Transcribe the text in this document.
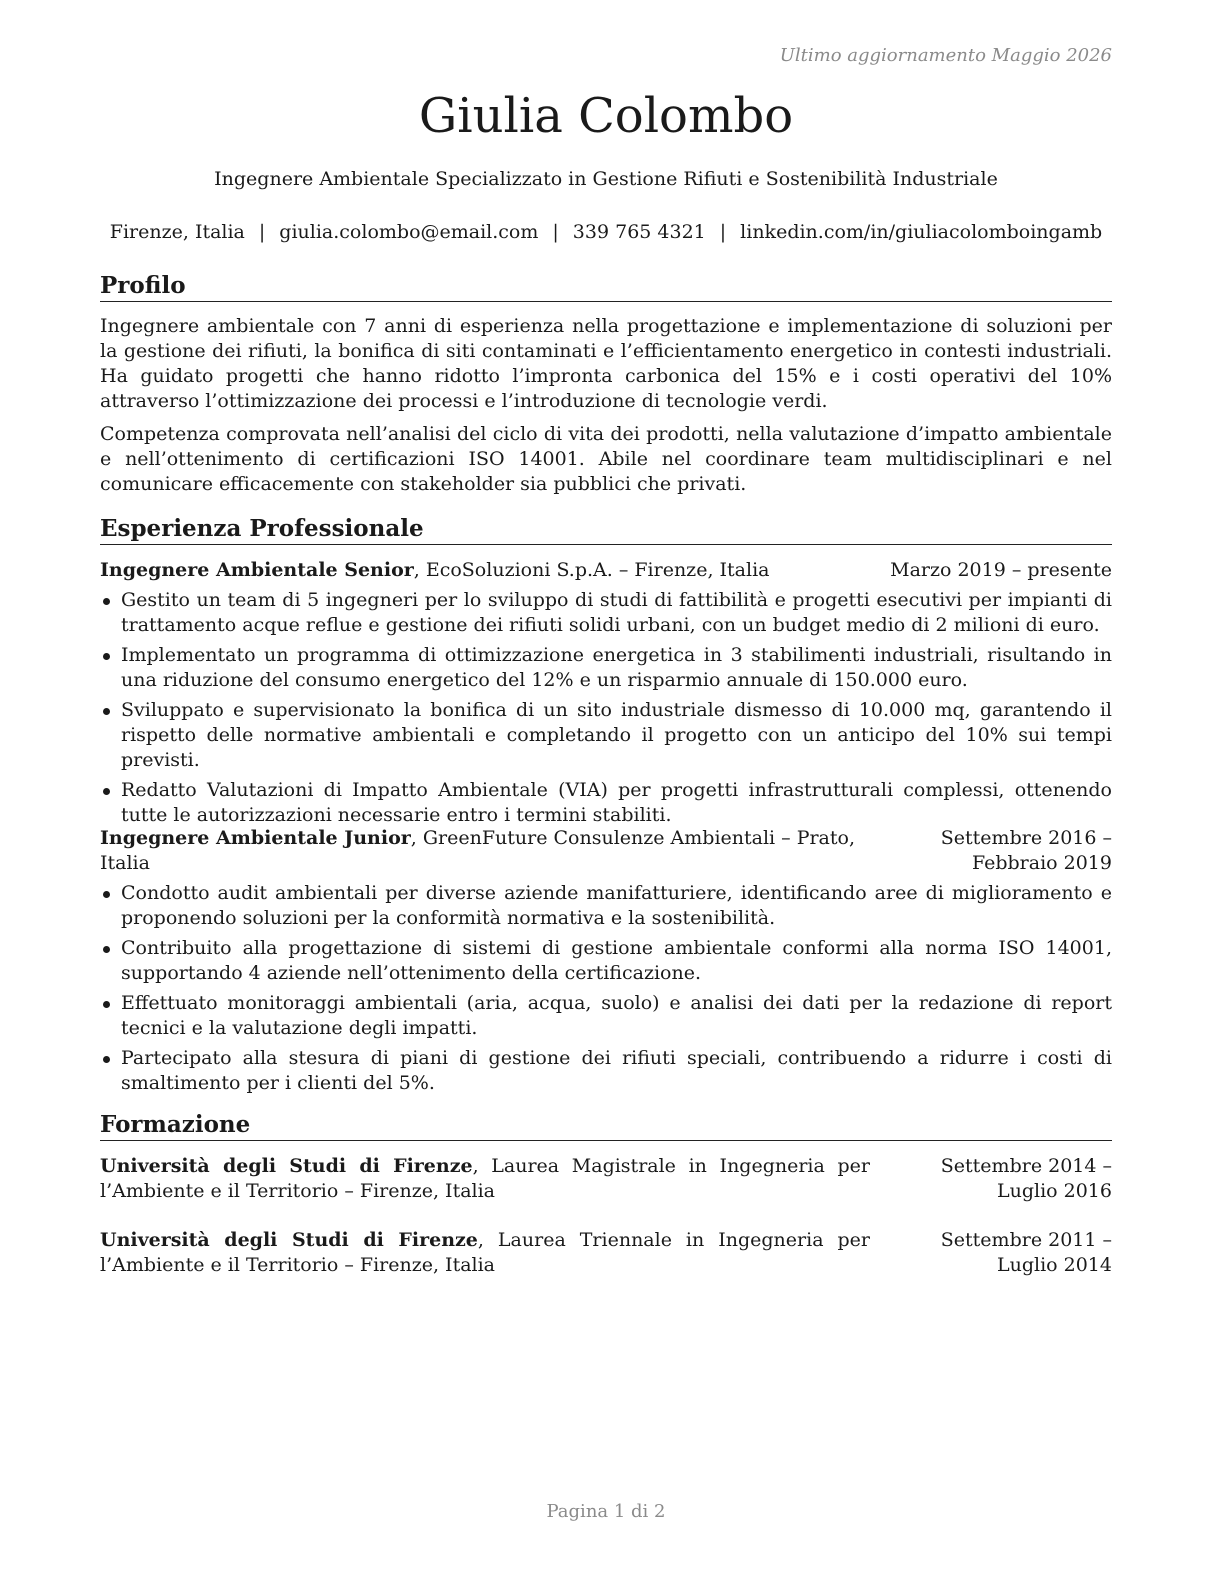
Ultimo aggiornamento Maggio 2026
Giulia Colombo
Ingegnere Ambientale Specializzato in Gestione Rifiuti e Sostenibilità Industriale
Firenze, Italia | giulia.colombo@email.com | 339 765 4321 | linkedin.com/in/giuliacolomboingamb
Profilo

Ingegnere ambientale con 7 anni di esperienza nella progettazione e implementazione di soluzioni per la gestione dei rifiuti, la bonifica di siti contaminati e l’efficientamento energetico in contesti industriali. Ha guidato progetti che hanno ridotto l’impronta carbonica del 15% e i costi operativi del 10% attraverso l’ottimizzazione dei processi e l’introduzione di tecnologie verdi.

Competenza comprovata nell’analisi del ciclo di vita dei prodotti, nella valutazione d’impatto ambientale e nell’ottenimento di certificazioni ISO 14001. Abile nel coordinare team multidisciplinari e nel comunicare efficacemente con stakeholder sia pubblici che privati.

Esperienza Professionale
Ingegnere Ambientale Senior, EcoSoluzioni S.p.A. – Firenze, Italia	Marzo 2019 – presente
Gestito un team di 5 ingegneri per lo sviluppo di studi di fattibilità e progetti esecutivi per impianti di trattamento acque reflue e gestione dei rifiuti solidi urbani, con un budget medio di 2 milioni di euro.
Implementato un programma di ottimizzazione energetica in 3 stabilimenti industriali, risultando in una riduzione del consumo energetico del 12% e un risparmio annuale di 150.000 euro.
Sviluppato e supervisionato la bonifica di un sito industriale dismesso di 10.000 mq, garantendo il rispetto delle normative ambientali e completando il progetto con un anticipo del 10% sui tempi previsti.
Redatto Valutazioni di Impatto Ambientale (VIA) per progetti infrastrutturali complessi, ottenendo tutte le autorizzazioni necessarie entro i termini stabiliti.
Ingegnere Ambientale Junior, GreenFuture Consulenze Ambientali – Prato, Italia
Settembre 2016 – Febbraio 2019
Condotto audit ambientali per diverse aziende manifatturiere, identificando aree di miglioramento e proponendo soluzioni per la conformità normativa e la sostenibilità.
Contribuito alla progettazione di sistemi di gestione ambientale conformi alla norma ISO 14001, supportando 4 aziende nell’ottenimento della certificazione.
Effettuato monitoraggi ambientali (aria, acqua, suolo) e analisi dei dati per la redazione di report tecnici e la valutazione degli impatti.
Partecipato alla stesura di piani di gestione dei rifiuti speciali, contribuendo a ridurre i costi di smaltimento per i clienti del 5%.
Formazione
Università degli Studi di Firenze, Laurea Magistrale in Ingegneria per l’Ambiente e il Territorio – Firenze, Italia
Settembre 2014 – Luglio 2016
Università degli Studi di Firenze, Laurea Triennale in Ingegneria per l’Ambiente e il Territorio – Firenze, Italia
Settembre 2011 – Luglio 2014
Pagina 1 di 2
